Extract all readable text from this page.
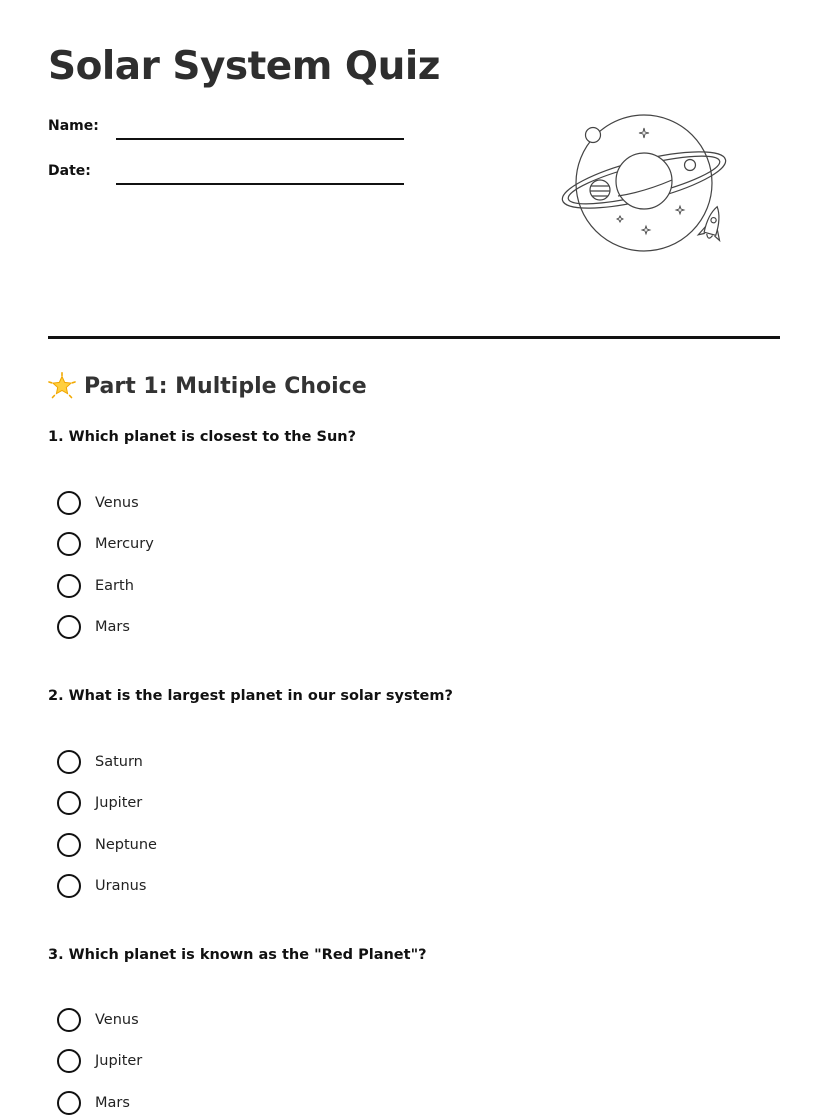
Solar System Quiz
Name:
Date:
Part 1: Multiple Choice
1. Which planet is closest to the Sun?
Venus
Mercury
Earth
Mars
2. What is the largest planet in our solar system?
Saturn
Jupiter
Neptune
Uranus
3. Which planet is known as the "Red Planet"?
Venus
Jupiter
Mars
